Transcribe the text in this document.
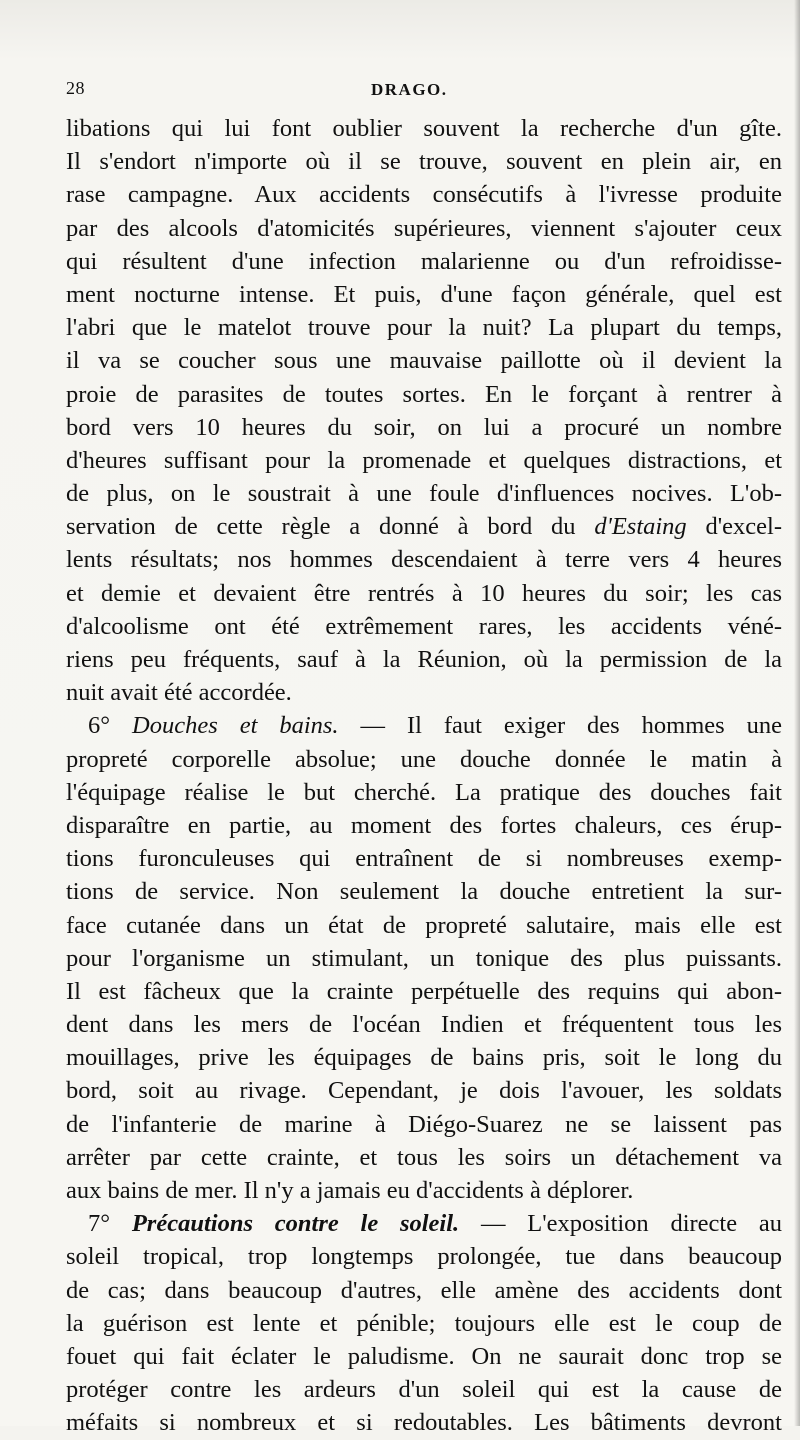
28	DRAGO.
libations qui lui font oublier souvent la recherche d'un gîte.
Il s'endort n'importe où il se trouve, souvent en plein air, en
rase campagne. Aux accidents consécutifs à l'ivresse produite
par des alcools d'atomicités supérieures, viennent s'ajouter ceux
qui résultent d'une infection malarienne ou d'un refroidisse-
ment nocturne intense. Et puis, d'une façon générale, quel est
l'abri que le matelot trouve pour la nuit? La plupart du temps,
il va se coucher sous une mauvaise paillotte où il devient la
proie de parasites de toutes sortes. En le forçant à rentrer à
bord vers 10 heures du soir, on lui a procuré un nombre
d'heures suffisant pour la promenade et quelques distractions, et
de plus, on le soustrait à une foule d'influences nocives. L'ob-
servation de cette règle a donné à bord du d'Estaing d'excel-
lents résultats; nos hommes descendaient à terre vers 4 heures
et demie et devaient être rentrés à 10 heures du soir; les cas
d'alcoolisme ont été extrêmement rares, les accidents véné-
riens peu fréquents, sauf à la Réunion, où la permission de la
nuit avait été accordée.
6° Douches et bains. — Il faut exiger des hommes une
propreté corporelle absolue; une douche donnée le matin à
l'équipage réalise le but cherché. La pratique des douches fait
disparaître en partie, au moment des fortes chaleurs, ces érup-
tions furonculeuses qui entraînent de si nombreuses exemp-
tions de service. Non seulement la douche entretient la sur-
face cutanée dans un état de propreté salutaire, mais elle est
pour l'organisme un stimulant, un tonique des plus puissants.
Il est fâcheux que la crainte perpétuelle des requins qui abon-
dent dans les mers de l'océan Indien et fréquentent tous les
mouillages, prive les équipages de bains pris, soit le long du
bord, soit au rivage. Cependant, je dois l'avouer, les soldats
de l'infanterie de marine à Diégo-Suarez ne se laissent pas
arrêter par cette crainte, et tous les soirs un détachement va
aux bains de mer. Il n'y a jamais eu d'accidents à déplorer.
7° Précautions contre le soleil. — L'exposition directe au
soleil tropical, trop longtemps prolongée, tue dans beaucoup
de cas; dans beaucoup d'autres, elle amène des accidents dont
la guérison est lente et pénible; toujours elle est le coup de
fouet qui fait éclater le paludisme. On ne saurait donc trop se
protéger contre les ardeurs d'un soleil qui est la cause de
méfaits si nombreux et si redoutables. Les bâtiments devront
